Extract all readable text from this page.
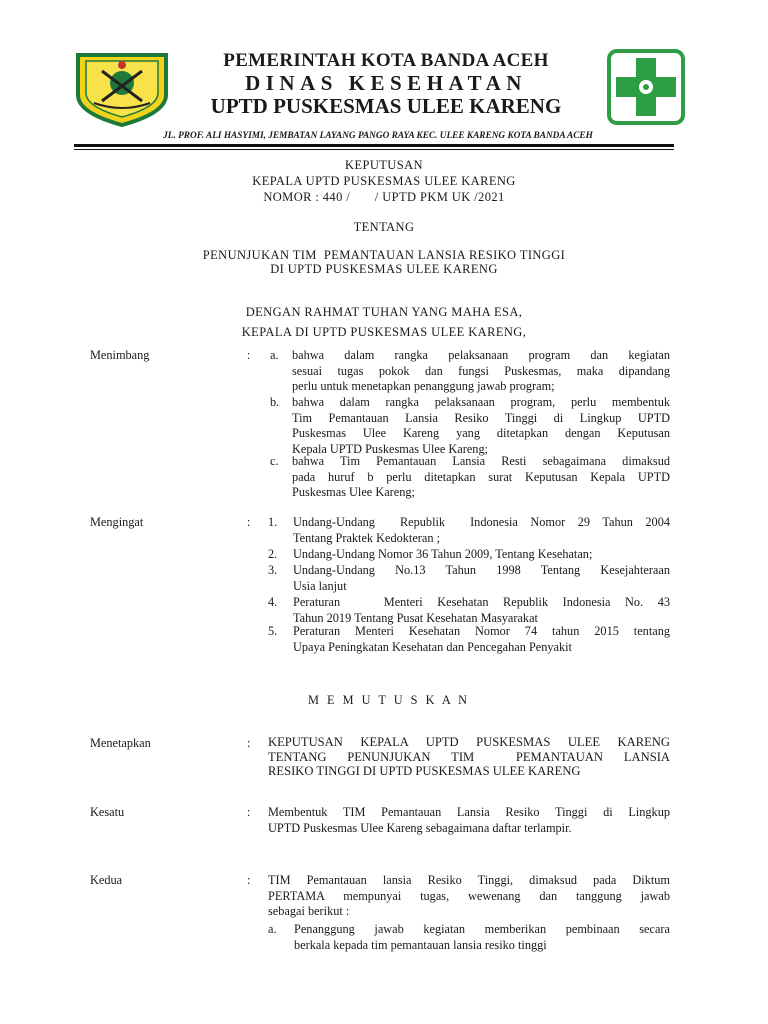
PEMERINTAH KOTA BANDA ACEH
DINAS KESEHATAN
UPTD PUSKESMAS ULEE KARENG
JL. PROF. ALI HASYIMI, JEMBATAN LAYANG PANGO RAYA KEC. ULEE KARENG KOTA BANDA ACEH
KEPUTUSAN
KEPALA UPTD PUSKESMAS ULEE KARENG
NOMOR : 440 /       / UPTD PKM UK /2021
TENTANG
PENUNJUKAN TIM  PEMANTAUAN LANSIA RESIKO TINGGI
DI UPTD PUSKESMAS ULEE KARENG
DENGAN RAHMAT TUHAN YANG MAHA ESA,
KEPALA DI UPTD PUSKESMAS ULEE KARENG,
Menimbang	: a. bahwa dalam rangka pelaksanaan program dan kegiatan
sesuai tugas pokok dan fungsi Puskesmas, maka dipandang
perlu untuk menetapkan penanggung jawab program;
b. bahwa dalam rangka pelaksanaan program, perlu membentuk
Tim Pemantauan Lansia Resiko Tinggi di Lingkup UPTD
Puskesmas Ulee Kareng yang ditetapkan dengan Keputusan
Kepala UPTD Puskesmas Ulee Kareng;
c. bahwa Tim Pemantauan Lansia Resti sebagaimana dimaksud
pada huruf b perlu ditetapkan surat Keputusan Kepala UPTD
Puskesmas Ulee Kareng;
Mengingat	: 1. Undang-Undang  Republik  Indonesia Nomor 29 Tahun 2004
Tentang Praktek Kedokteran ;
2. Undang-Undang Nomor 36 Tahun 2009, Tentang Kesehatan;
3. Undang-Undang No.13 Tahun 1998 Tentang Kesejahteraan
Usia lanjut
4. Peraturan   Menteri Kesehatan Republik Indonesia No. 43
Tahun 2019 Tentang Pusat Kesehatan Masyarakat
5. Peraturan Menteri Kesehatan Nomor 74 tahun 2015 tentang
Upaya Peningkatan Kesehatan dan Pencegahan Penyakit
M E M U T U S K A N
Menetapkan	: KEPUTUSAN KEPALA UPTD PUSKESMAS ULEE KARENG
TENTANG  PENUNJUKAN  TIM    PEMANTAUAN  LANSIA
RESIKO TINGGI DI UPTD PUSKESMAS ULEE KARENG
Kesatu	: Membentuk TIM Pemantauan Lansia Resiko Tinggi di Lingkup
UPTD Puskesmas Ulee Kareng sebagaimana daftar terlampir.
Kedua	: TIM Pemantauan lansia Resiko Tinggi, dimaksud pada Diktum
PERTAMA mempunyai tugas, wewenang dan tanggung jawab
sebagai berikut :
a. Penanggung jawab kegiatan memberikan pembinaan secara
berkala kepada tim pemantauan lansia resiko tinggi
